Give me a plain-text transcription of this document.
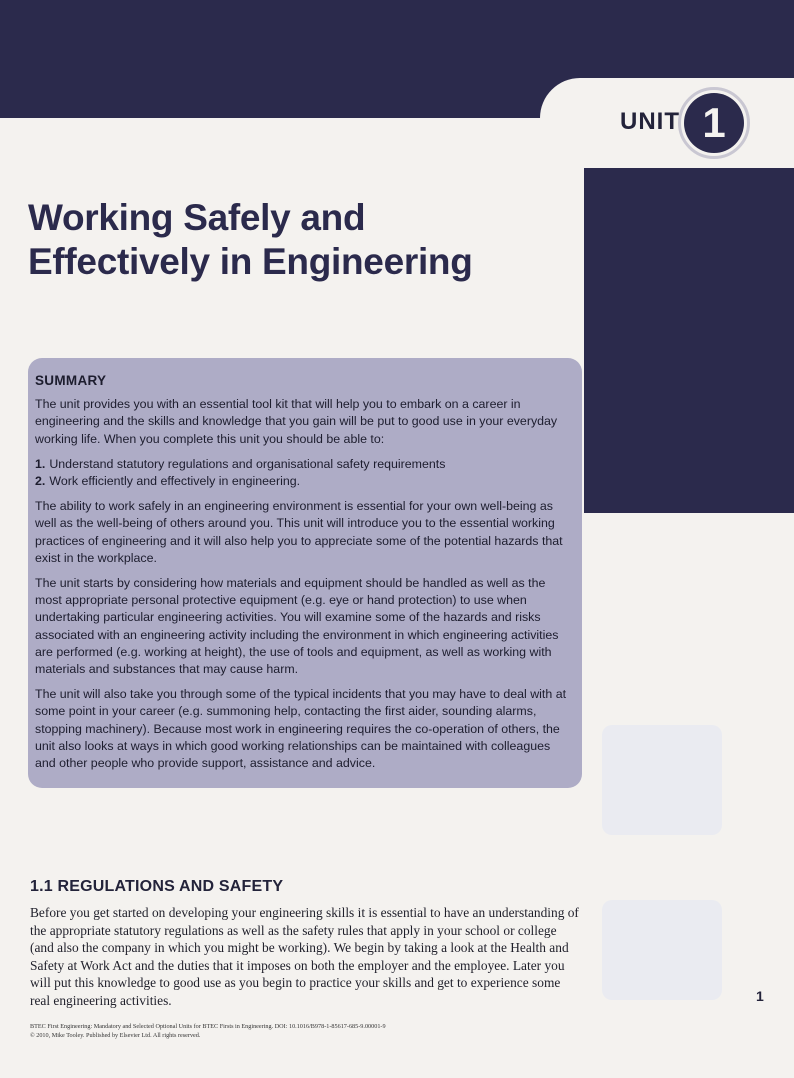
UNIT 1
Working Safely and
Effectively in Engineering
SUMMARY

The unit provides you with an essential tool kit that will help you to embark on a career in engineering and the skills and knowledge that you gain will be put to good use in your everyday working life. When you complete this unit you should be able to:

1. Understand statutory regulations and organisational safety requirements
2. Work efficiently and effectively in engineering.

The ability to work safely in an engineering environment is essential for your own well-being as well as the well-being of others around you. This unit will introduce you to the essential working practices of engineering and it will also help you to appreciate some of the potential hazards that exist in the workplace.

The unit starts by considering how materials and equipment should be handled as well as the most appropriate personal protective equipment (e.g. eye or hand protection) to use when undertaking particular engineering activities. You will examine some of the hazards and risks associated with an engineering activity including the environment in which engineering activities are performed (e.g. working at height), the use of tools and equipment, as well as working with materials and substances that may cause harm.

The unit will also take you through some of the typical incidents that you may have to deal with at some point in your career (e.g. summoning help, contacting the first aider, sounding alarms, stopping machinery). Because most work in engineering requires the co-operation of others, the unit also looks at ways in which good working relationships can be maintained with colleagues and other people who provide support, assistance and advice.

1.1 REGULATIONS AND SAFETY

Before you get started on developing your engineering skills it is essential to have an understanding of the appropriate statutory regulations as well as the safety rules that apply in your school or college (and also the company in which you might be working). We begin by taking a look at the Health and Safety at Work Act and the duties that it imposes on both the employer and the employee. Later you will put this knowledge to good use as you begin to practice your skills and get to experience some real engineering activities.	1
BTEC First Engineering: Mandatory and Selected Optional Units for BTEC Firsts in Engineering. DOI: 10.1016/B978-1-85617-685-9.00001-9
© 2010, Mike Tooley. Published by Elsevier Ltd. All rights reserved.
